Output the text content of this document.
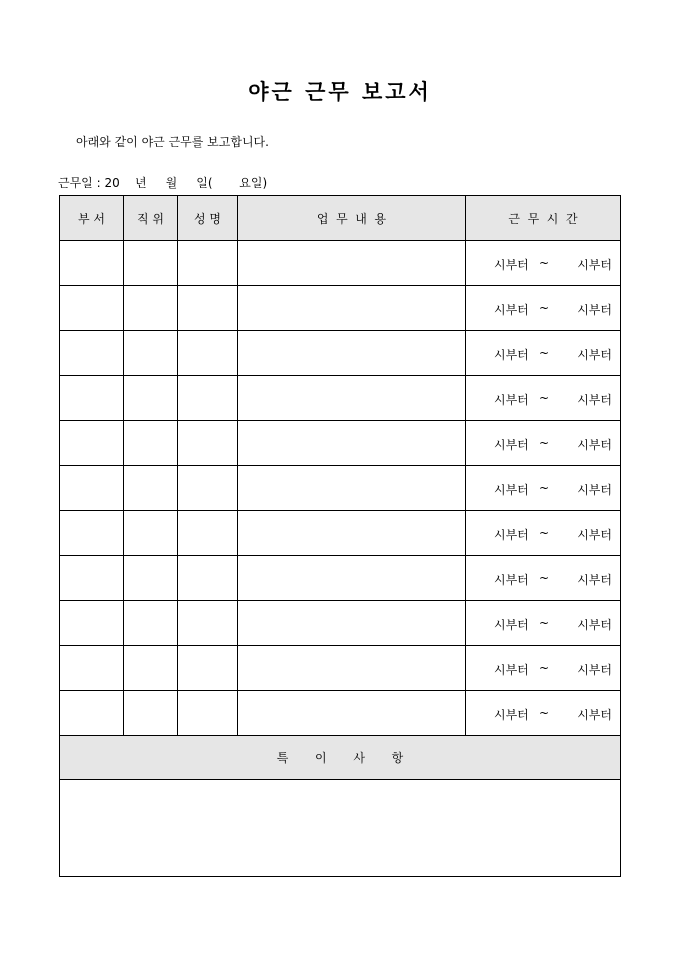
야근 근무 보고서
아래와 같이 야근 근무를 보고합니다.
근무일 : 20    년     월     일(       요일)
부 서	직 위	성 명	업  무  내  용	근  무  시  간

				시부터 ~ 시부터

				시부터 ~ 시부터

				시부터 ~ 시부터

				시부터 ~ 시부터

				시부터 ~ 시부터

				시부터 ~ 시부터

				시부터 ~ 시부터

				시부터 ~ 시부터

				시부터 ~ 시부터

				시부터 ~ 시부터

				시부터 ~ 시부터

특       이       사       항				
